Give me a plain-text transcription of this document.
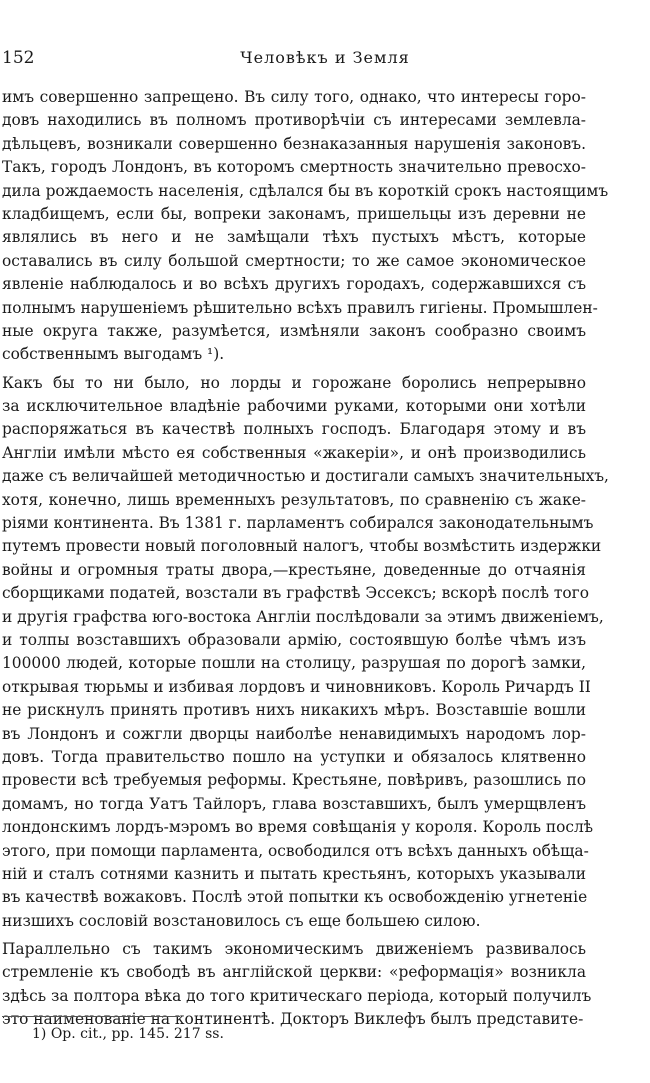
152	Человѣкъ и Земля
имъ совершенно запрещено. Въ силу того, однако, что интересы горо-
довъ находились въ полномъ противорѣчіи съ интересами землевла-
дѣльцевъ, возникали совершенно безнаказанныя нарушенія законовъ.
Такъ, городъ Лондонъ, въ которомъ смертность значительно превосхо-
дила рождаемость населенія, сдѣлался бы въ короткій срокъ настоящимъ
кладбищемъ, если бы, вопреки законамъ, пришельцы изъ деревни не
являлись въ него и не замѣщали тѣхъ пустыхъ мѣстъ, которые
оставались въ силу большой смертности; то же самое экономическое
явленіе наблюдалось и во всѣхъ другихъ городахъ, содержавшихся съ
полнымъ нарушеніемъ рѣшительно всѣхъ правилъ гигіены. Промышлен-
ные округа также, разумѣется, измѣняли законъ сообразно своимъ
собственнымъ выгодамъ ¹).
Какъ бы то ни было, но лорды и горожане боролись непрерывно
за исключительное владѣніе рабочими руками, которыми они хотѣли
распоряжаться въ качествѣ полныхъ господъ. Благодаря этому и въ
Англіи имѣли мѣсто ея собственныя «жакеріи», и онѣ производились
даже съ величайшей методичностью и достигали самыхъ значительныхъ,
хотя, конечно, лишь временныхъ результатовъ, по сравненію съ жаке-
ріями континента. Въ 1381 г. парламентъ собирался законодательнымъ
путемъ провести новый поголовный налогъ, чтобы возмѣстить издержки
войны и огромныя траты двора,—крестьяне, доведенные до отчаянія
сборщиками податей, возстали въ графствѣ Эссексъ; вскорѣ послѣ того
и другія графства юго-востока Англіи послѣдовали за этимъ движеніемъ,
и толпы возставшихъ образовали армію, состоявшую болѣе чѣмъ изъ
100000 людей, которые пошли на столицу, разрушая по дорогѣ замки,
открывая тюрьмы и избивая лордовъ и чиновниковъ. Король Ричардъ II
не рискнулъ принять противъ нихъ никакихъ мѣръ. Возставшіе вошли
въ Лондонъ и сожгли дворцы наиболѣе ненавидимыхъ народомъ лор-
довъ. Тогда правительство пошло на уступки и обязалось клятвенно
провести всѣ требуемыя реформы. Крестьяне, повѣривъ, разошлись по
домамъ, но тогда Уатъ Тайлоръ, глава возставшихъ, былъ умерщвленъ
лондонскимъ лордъ-мэромъ во время совѣщанія у короля. Король послѣ
этого, при помощи парламента, освободился отъ всѣхъ данныхъ обѣща-
ній и сталъ сотнями казнить и пытать крестьянъ, которыхъ указывали
въ качествѣ вожаковъ. Послѣ этой попытки къ освобожденію угнетеніе
низшихъ сословій возстановилось съ еще большею силою.
Параллельно съ такимъ экономическимъ движеніемъ развивалось
стремленіе къ свободѣ въ англійской церкви: «реформація» возникла
здѣсь за полтора вѣка до того критическаго періода, который получилъ
это наименованіе на континентѣ. Докторъ Виклефъ былъ представите-
1) Op. cit., pp. 145. 217 ss.
